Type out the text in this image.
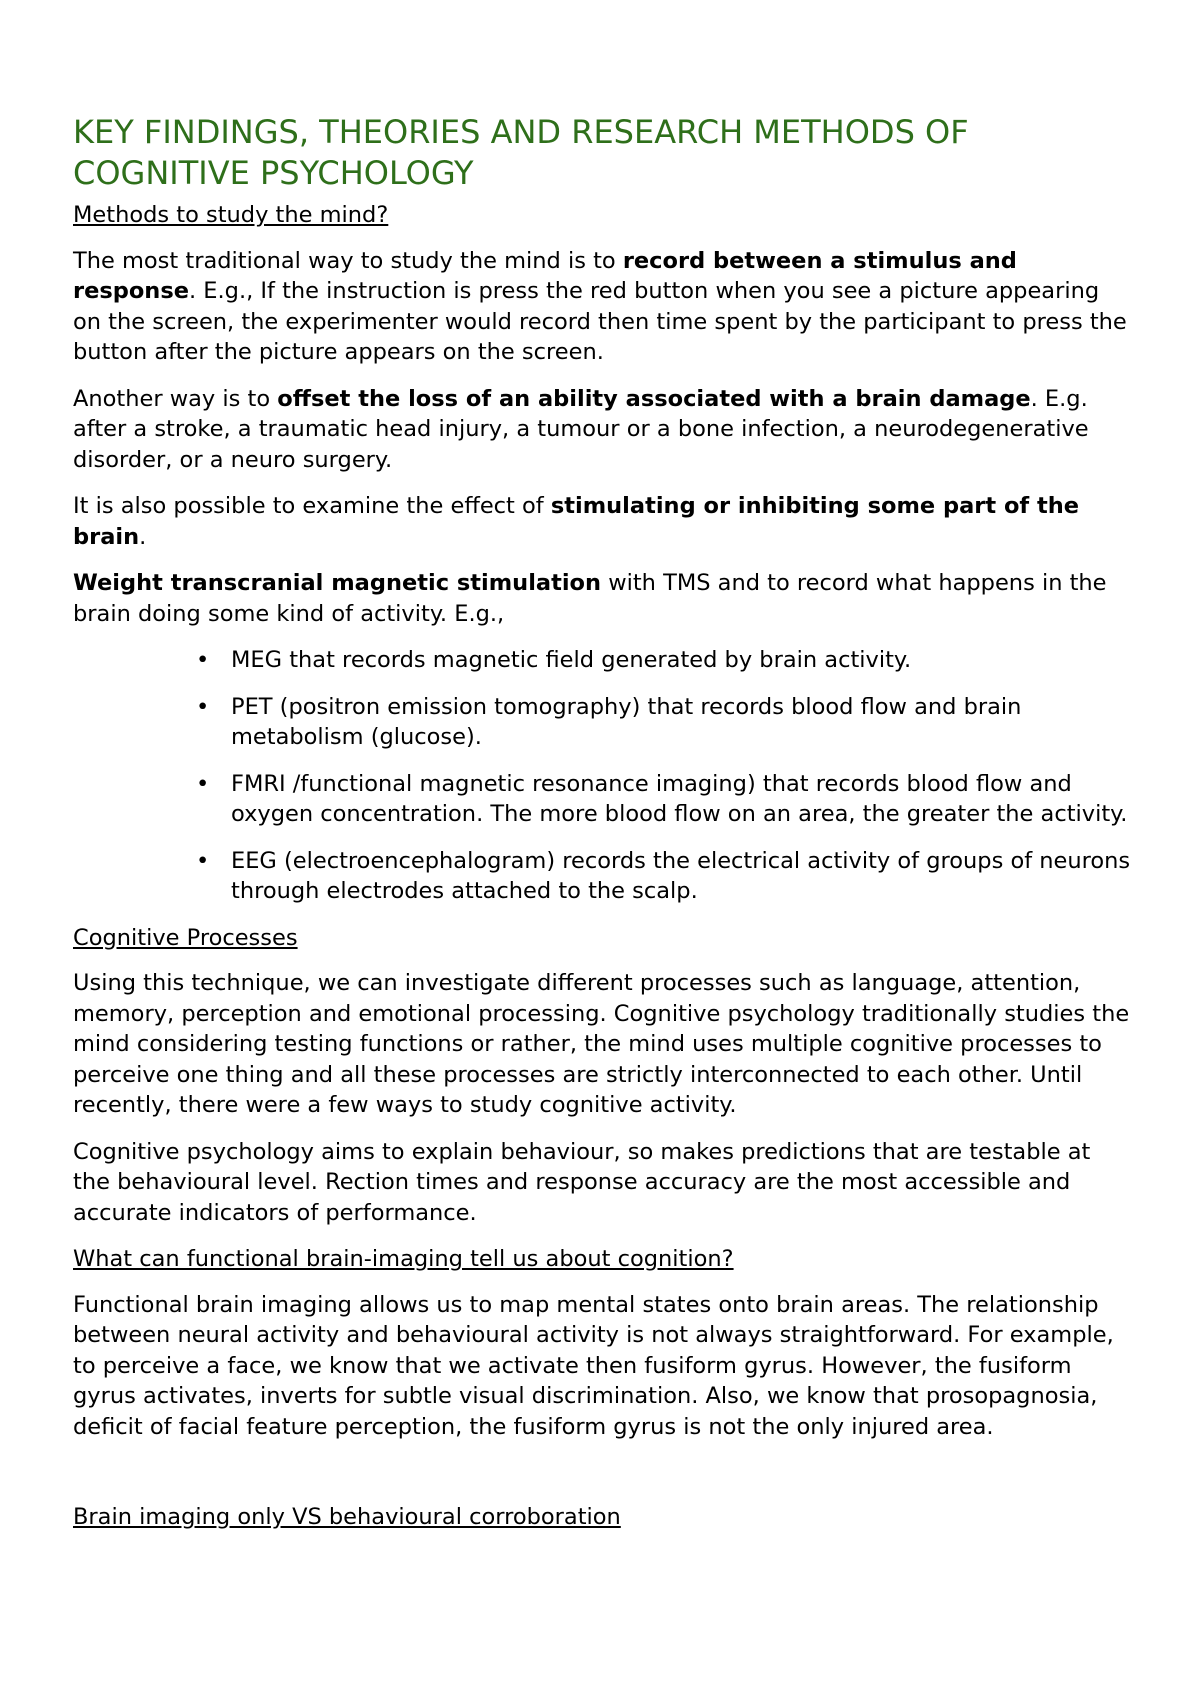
KEY FINDINGS, THEORIES AND RESEARCH METHODS OF COGNITIVE PSYCHOLOGY
Methods to study the mind?

The most traditional way to study the mind is to record between a stimulus and response. E.g., If the instruction is press the red button when you see a picture appearing on the screen, the experimenter would record then time spent by the participant to press the button after the picture appears on the screen.

Another way is to offset the loss of an ability associated with a brain damage. E.g. after a stroke, a traumatic head injury, a tumour or a bone infection, a neurodegenerative disorder, or a neuro surgery.

It is also possible to examine the effect of stimulating or inhibiting some part of the brain.

Weight transcranial magnetic stimulation with TMS and to record what happens in the brain doing some kind of activity. E.g.,

• MEG that records magnetic field generated by brain activity.
• PET (positron emission tomography) that records blood flow and brain metabolism (glucose).
• FMRI /functional magnetic resonance imaging) that records blood flow and oxygen concentration. The more blood flow on an area, the greater the activity.
• EEG (electroencephalogram) records the electrical activity of groups of neurons through electrodes attached to the scalp.
Cognitive Processes

Using this technique, we can investigate different processes such as language, attention, memory, perception and emotional processing. Cognitive psychology traditionally studies the mind considering testing functions or rather, the mind uses multiple cognitive processes to perceive one thing and all these processes are strictly interconnected to each other. Until recently, there were a few ways to study cognitive activity.

Cognitive psychology aims to explain behaviour, so makes predictions that are testable at the behavioural level. Rection times and response accuracy are the most accessible and accurate indicators of performance.

What can functional brain-imaging tell us about cognition?

Functional brain imaging allows us to map mental states onto brain areas. The relationship between neural activity and behavioural activity is not always straightforward. For example, to perceive a face, we know that we activate then fusiform gyrus. However, the fusiform gyrus activates, inverts for subtle visual discrimination. Also, we know that prosopagnosia, deficit of facial feature perception, the fusiform gyrus is not the only injured area.

Brain imaging only VS behavioural corroboration
